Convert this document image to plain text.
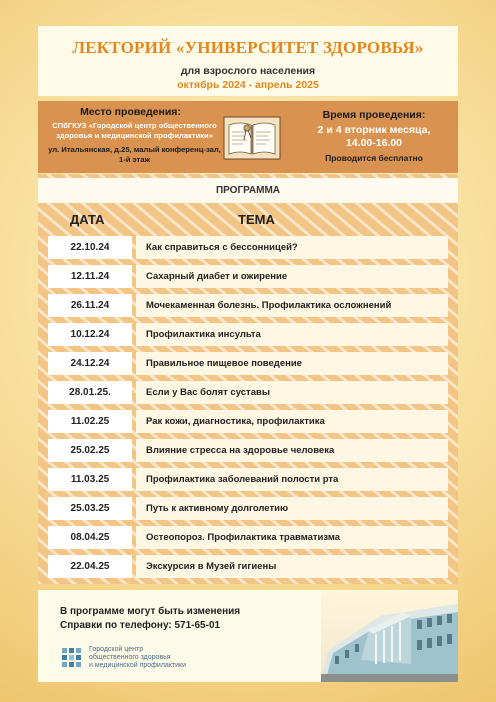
ЛЕКТОРИЙ «УНИВЕРСИТЕТ ЗДОРОВЬЯ»
для взрослого населения
октябрь 2024 - апрель 2025
Место проведения:
СПбГКУЗ «Городской центр общественного здоровья и медицинской профилактики»
ул. Итальянская, д.25, малый конференц-зал, 1-й этаж
Время проведения:
2 и 4 вторник месяца,
14.00-16.00
Проводится бесплатно
ПРОГРАММА
ДАТА	ТЕМА
22.10.24	Как справиться с бессонницей?
12.11.24	Сахарный диабет и ожирение
26.11.24	Мочекаменная болезнь. Профилактика осложнений
10.12.24	Профилактика инсульта
24.12.24	Правильное пищевое поведение
28.01.25.	Если у Вас болят суставы
11.02.25	Рак кожи, диагностика, профилактика
25.02.25	Влияние стресса на здоровье человека
11.03.25	Профилактика заболеваний полости рта
25.03.25	Путь к активному долголетию
08.04.25	Остеопороз. Профилактика травматизма
22.04.25	Экскурсия в Музей гигиены
В программе могут быть изменения
Справки по телефону: 571-65-01
Городской центр
общественного здоровья
и медицинской профилактики
